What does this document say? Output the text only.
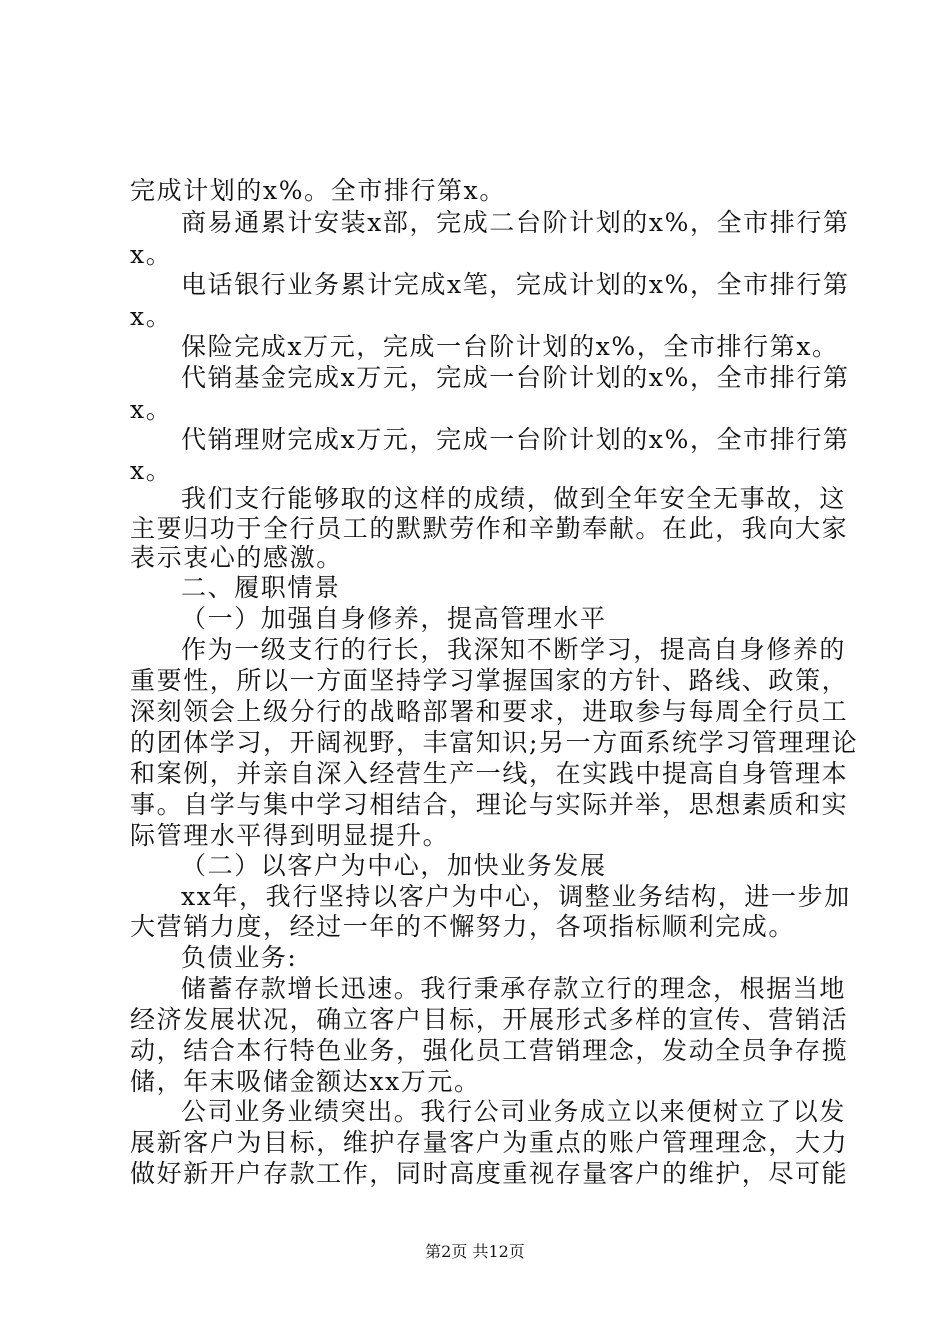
完成计划的x%。全市排行第x。
商易通累计安装x部，完成二台阶计划的x%，全市排行第
x。
电话银行业务累计完成x笔，完成计划的x%，全市排行第
x。
保险完成x万元，完成一台阶计划的x%，全市排行第x。
代销基金完成x万元，完成一台阶计划的x%，全市排行第
x。
代销理财完成x万元，完成一台阶计划的x%，全市排行第
x。
我们支行能够取的这样的成绩，做到全年安全无事故，这
主要归功于全行员工的默默劳作和辛勤奉献。在此，我向大家
表示衷心的感激。
二、履职情景
（一）加强自身修养，提高管理水平
作为一级支行的行长，我深知不断学习，提高自身修养的
重要性，所以一方面坚持学习掌握国家的方针、路线、政策，
深刻领会上级分行的战略部署和要求，进取参与每周全行员工
的团体学习，开阔视野，丰富知识;另一方面系统学习管理理论
和案例，并亲自深入经营生产一线，在实践中提高自身管理本
事。自学与集中学习相结合，理论与实际并举，思想素质和实
际管理水平得到明显提升。
（二）以客户为中心，加快业务发展
xx年，我行坚持以客户为中心，调整业务结构，进一步加
大营销力度，经过一年的不懈努力，各项指标顺利完成。
负债业务:
储蓄存款增长迅速。我行秉承存款立行的理念，根据当地
经济发展状况，确立客户目标，开展形式多样的宣传、营销活
动，结合本行特色业务，强化员工营销理念，发动全员争存揽
储，年末吸储金额达xx万元。
公司业务业绩突出。我行公司业务成立以来便树立了以发
展新客户为目标，维护存量客户为重点的账户管理理念，大力
做好新开户存款工作，同时高度重视存量客户的维护，尽可能
第2页 共12页
